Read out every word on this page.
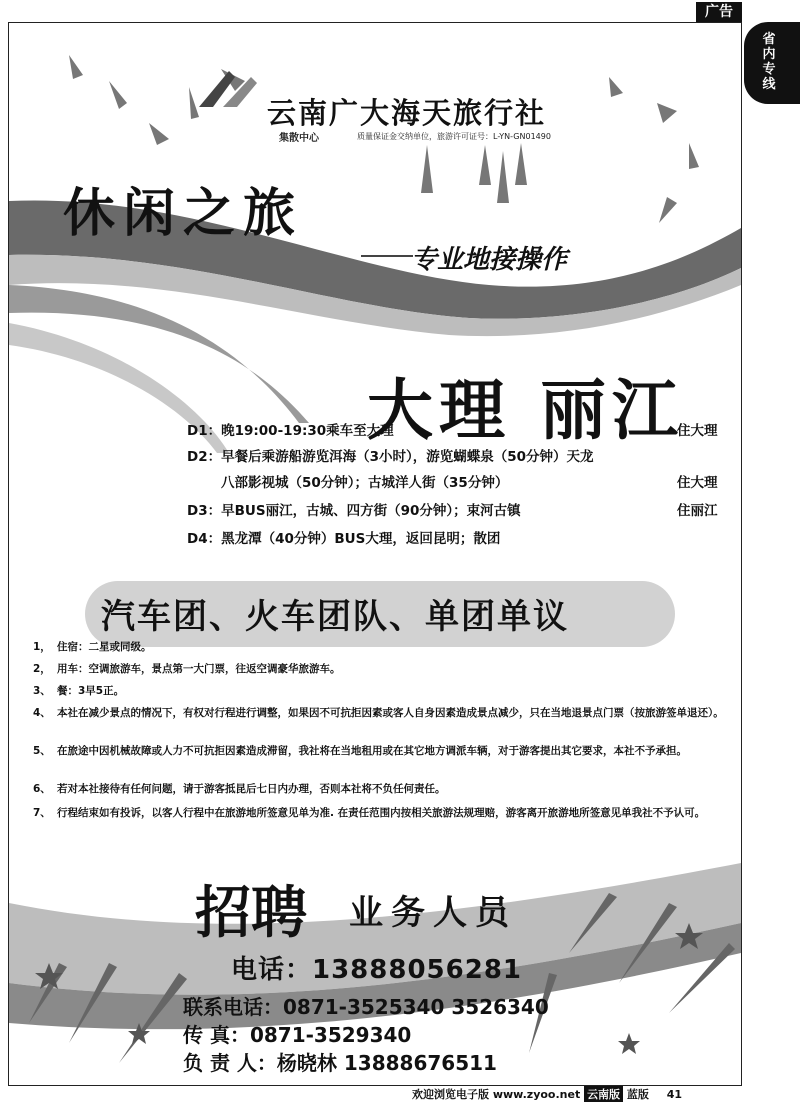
广告
省内专线
云南广大海天旅行社
集散中心	质量保证金交纳单位，旅游许可证号：L-YN-GN01490
休闲之旅
专业地接操作
大理 丽江
D1：晚19:00-19:30乘车至大理	住大理
D2：早餐后乘游船游览洱海（3小时），游览蝴蝶泉（50分钟）天龙
八部影视城（50分钟）；古城洋人街（35分钟）	住大理
D3：早BUS丽江，古城、四方街（90分钟）；束河古镇	住丽江
D4：黑龙潭（40分钟）BUS大理，返回昆明；散团
汽车团、火车团队、单团单议
1， 住宿：二星或同级。
2， 用车：空调旅游车，景点第一大门票，往返空调豪华旅游车。
3、 餐：3早5正。
4、 本社在减少景点的情况下，有权对行程进行调整，如果因不可抗拒因素或客人自身因素造成景点减少，只在当地退景点门票（按旅游签单退还）。
5、 在旅途中因机械故障或人力不可抗拒因素造成滞留，我社将在当地租用或在其它地方调派车辆，对于游客提出其它要求，本社不予承担。
6、 若对本社接待有任何问题，请于游客抵昆后七日内办理，否则本社将不负任何责任。
7、 行程结束如有投诉，以客人行程中在旅游地所签意见单为准. 在责任范围内按相关旅游法规理赔，游客离开旅游地所签意见单我社不予认可。
招聘 业务人员
电话：13888056281
联系电话：0871-3525340 3526340
传 真：0871-3529340
负 责 人：杨晓林 13888676511
欢迎浏览电子版 www.zyoo.net 云南版 蓝版 41
